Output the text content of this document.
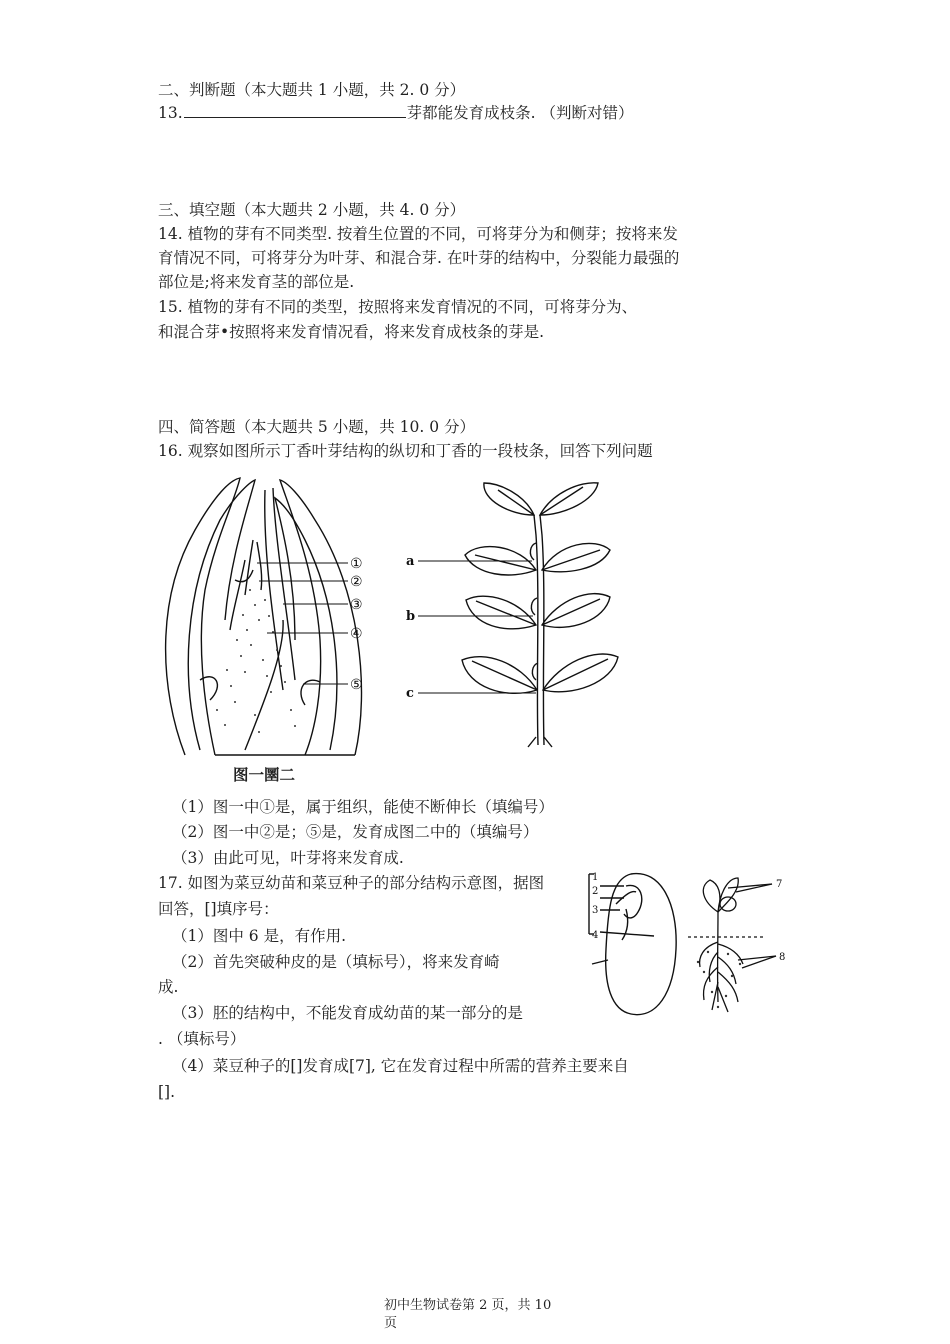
二、判断题（本大题共 1 小题，共 2. 0 分）
13.	芽都能发育成枝条. （判断对错）
三、填空题（本大题共 2 小题，共 4. 0 分）
14. 植物的芽有不同类型. 按着生位置的不同，可将芽分为和侧芽；按将来发
育情况不同，可将芽分为叶芽、和混合芽. 在叶芽的结构中，分裂能力最强的
部位是;将来发育茎的部位是.
15. 植物的芽有不同的类型，按照将来发育情况的不同，可将芽分为、
和混合芽•按照将来发育情况看，将来发育成枝条的芽是.
四、简答题（本大题共 5 小题，共 10. 0 分）
16. 观察如图所示丁香叶芽结构的纵切和丁香的一段枝条，回答下列问题
①
②
③
④
⑤
a
b
c
图一圛二
（1）图一中①是，属于组织，能使不断伸长（填编号）
（2）图一中②是；⑤是，发育成图二中的（填编号）
（3）由此可见，叶芽将来发育成.
17. 如图为菜豆幼苗和菜豆种子的部分结构示意图，据图
回答，[]填序号：
（1）图中 6 是，有作用.
（2）首先突破种皮的是（填标号），将来发育崎
成.
（3）胚的结构中，不能发育成幼苗的某一部分的是
. （填标号）
（4）菜豆种子的[]发育成[7], 它在发育过程中所需的营养主要来自
[].
1
2
3
4
7
8
初中生物试卷第 2 页，共 10
页
